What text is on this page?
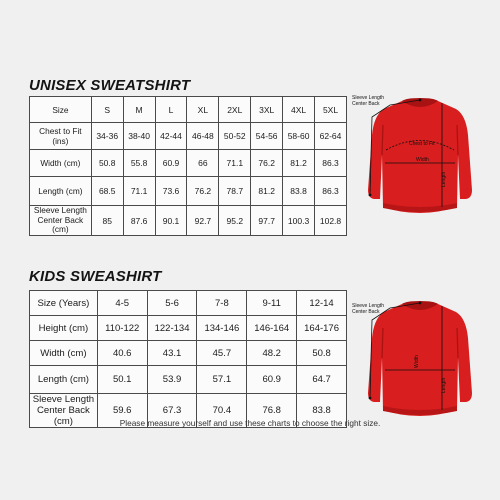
UNISEX SWEATSHIRT
Size	S	M	L	XL	2XL	3XL	4XL	5XL
Chest to Fit (ins)	34-36	38-40	42-44	46-48	50-52	54-56	58-60	62-64
Width (cm)	50.8	55.8	60.9	66	71.1	76.2	81.2	86.3
Length (cm)	68.5	71.1	73.6	76.2	78.7	81.2	83.8	86.3

Sleeve Length
Center Back (cm)	85	87.6	90.1	92.7	95.2	97.7	100.3	102.8
Sleeve Length
Center Back
Chest to Fit
Width
Length
KIDS SWEASHIRT
Size (Years)	4-5	5-6	7-8	9-11	12-14
Height (cm)	110-122	122-134	134-146	146-164	164-176
Width (cm)	40.6	43.1	45.7	48.2	50.8
Length (cm)	50.1	53.9	57.1	60.9	64.7

Sleeve Length
Center Back (cm)	59.6	67.3	70.4	76.8	83.8
Sleeve Length
Center Back
Width
Length
Please measure yourself and use these charts to choose the right size.
